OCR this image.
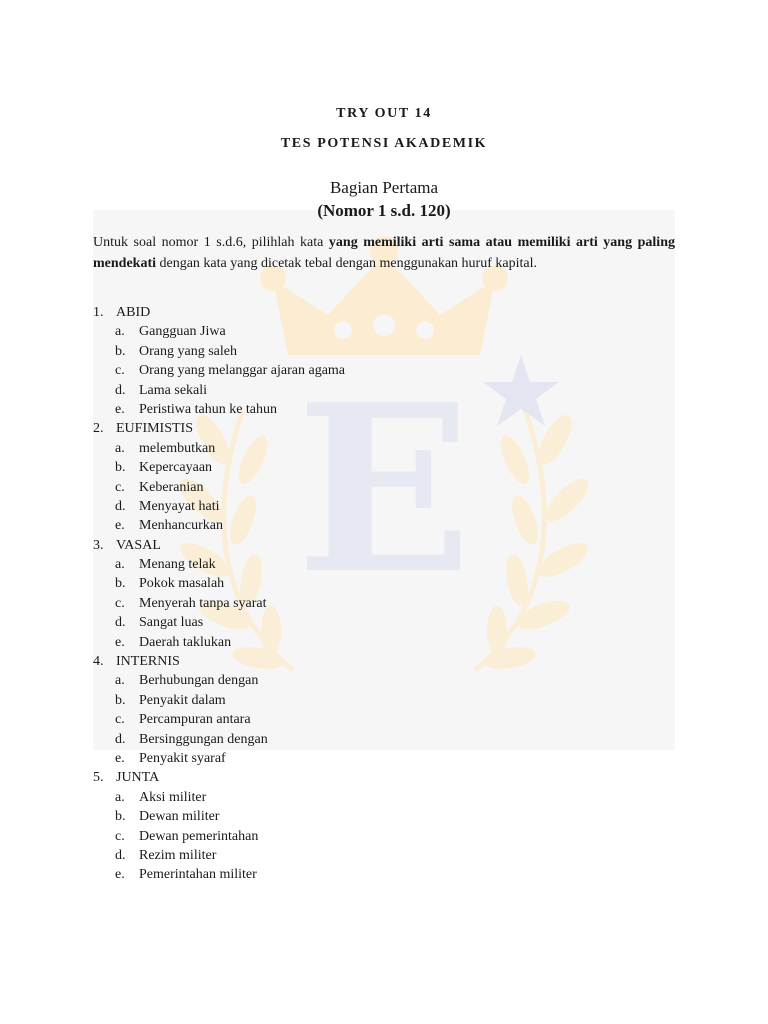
E
TRY OUT 14
TES POTENSI AKADEMIK
Bagian Pertama
(Nomor 1 s.d. 120)
Untuk soal nomor 1 s.d.6, pilihlah kata yang memiliki arti sama atau memiliki arti yang paling mendekati dengan kata yang dicetak tebal dengan menggunakan huruf kapital.
1. ABID
a. Gangguan Jiwa
b. Orang yang saleh
c. Orang yang melanggar ajaran agama
d. Lama sekali
e. Peristiwa tahun ke tahun
2. EUFIMISTIS
a. melembutkan
b. Kepercayaan
c. Keberanian
d. Menyayat hati
e. Menhancurkan
3. VASAL
a. Menang telak
b. Pokok masalah
c. Menyerah tanpa syarat
d. Sangat luas
e. Daerah taklukan
4. INTERNIS
a. Berhubungan dengan
b. Penyakit dalam
c. Percampuran antara
d. Bersinggungan dengan
e. Penyakit syaraf
5. JUNTA
a. Aksi militer
b. Dewan militer
c. Dewan pemerintahan
d. Rezim militer
e. Pemerintahan militer
